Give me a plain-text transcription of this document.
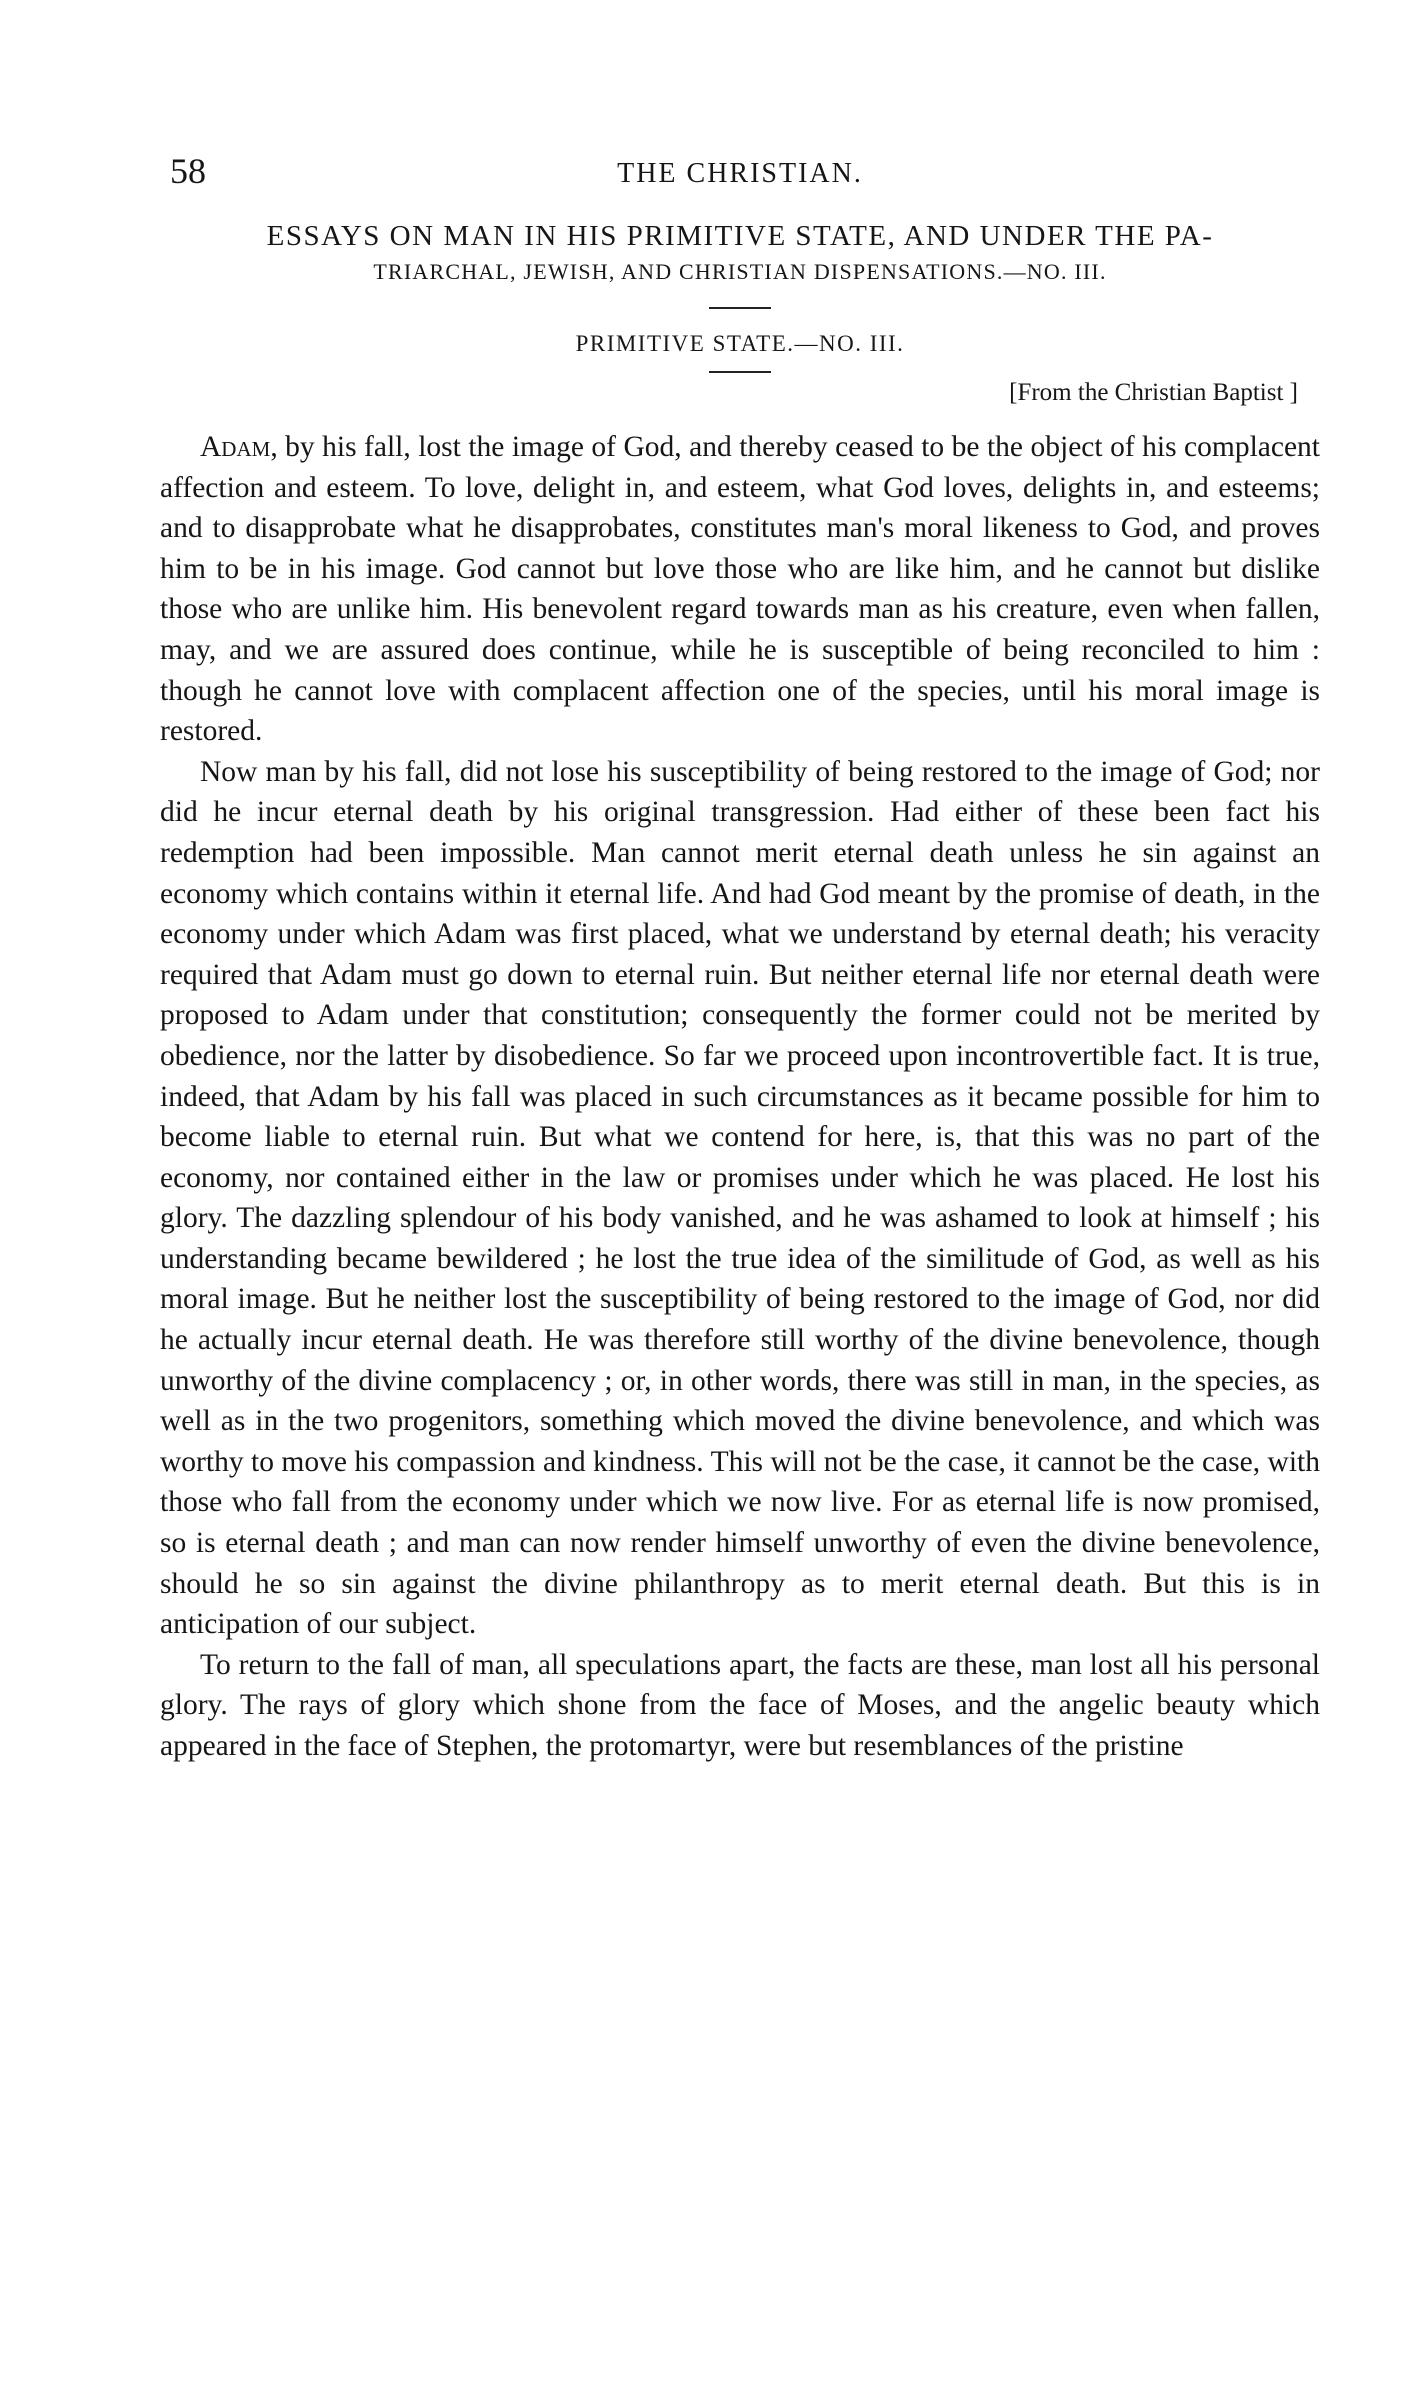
58	THE CHRISTIAN.
ESSAYS ON MAN IN HIS PRIMITIVE STATE, AND UNDER THE PA-
TRIARCHAL, JEWISH, AND CHRISTIAN DISPENSATIONS.—NO. III.
PRIMITIVE STATE.—NO. III.
[From the Christian Baptist ]

Adam, by his fall, lost the image of God, and thereby ceased to be the object of his complacent affection and esteem. To love, delight in, and esteem, what God loves, delights in, and esteems; and to disapprobate what he disapprobates, constitutes man's moral likeness to God, and proves him to be in his image. God cannot but love those who are like him, and he cannot but dislike those who are unlike him. His benevolent regard towards man as his creature, even when fallen, may, and we are assured does continue, while he is susceptible of being reconciled to him : though he cannot love with complacent affection one of the species, until his moral image is restored.

Now man by his fall, did not lose his susceptibility of being restored to the image of God; nor did he incur eternal death by his original transgression. Had either of these been fact his redemption had been impossible. Man cannot merit eternal death unless he sin against an economy which contains within it eternal life. And had God meant by the promise of death, in the economy under which Adam was first placed, what we understand by eternal death; his veracity required that Adam must go down to eternal ruin. But neither eternal life nor eternal death were proposed to Adam under that constitution; consequently the former could not be merited by obedience, nor the latter by disobedience. So far we proceed upon incontrovertible fact. It is true, indeed, that Adam by his fall was placed in such circumstances as it became possible for him to become liable to eternal ruin. But what we contend for here, is, that this was no part of the economy, nor contained either in the law or promises under which he was placed. He lost his glory. The dazzling splendour of his body vanished, and he was ashamed to look at himself ; his understanding became bewildered ; he lost the true idea of the similitude of God, as well as his moral image. But he neither lost the susceptibility of being restored to the image of God, nor did he actually incur eternal death. He was therefore still worthy of the divine benevolence, though unworthy of the divine complacency ; or, in other words, there was still in man, in the species, as well as in the two progenitors, something which moved the divine benevolence, and which was worthy to move his compassion and kindness. This will not be the case, it cannot be the case, with those who fall from the economy under which we now live. For as eternal life is now promised, so is eternal death ; and man can now render himself unworthy of even the divine benevolence, should he so sin against the divine philanthropy as to merit eternal death. But this is in anticipation of our subject.

To return to the fall of man, all speculations apart, the facts are these, man lost all his personal glory. The rays of glory which shone from the face of Moses, and the angelic beauty which appeared in the face of Stephen, the protomartyr, were but resemblances of the pristine
